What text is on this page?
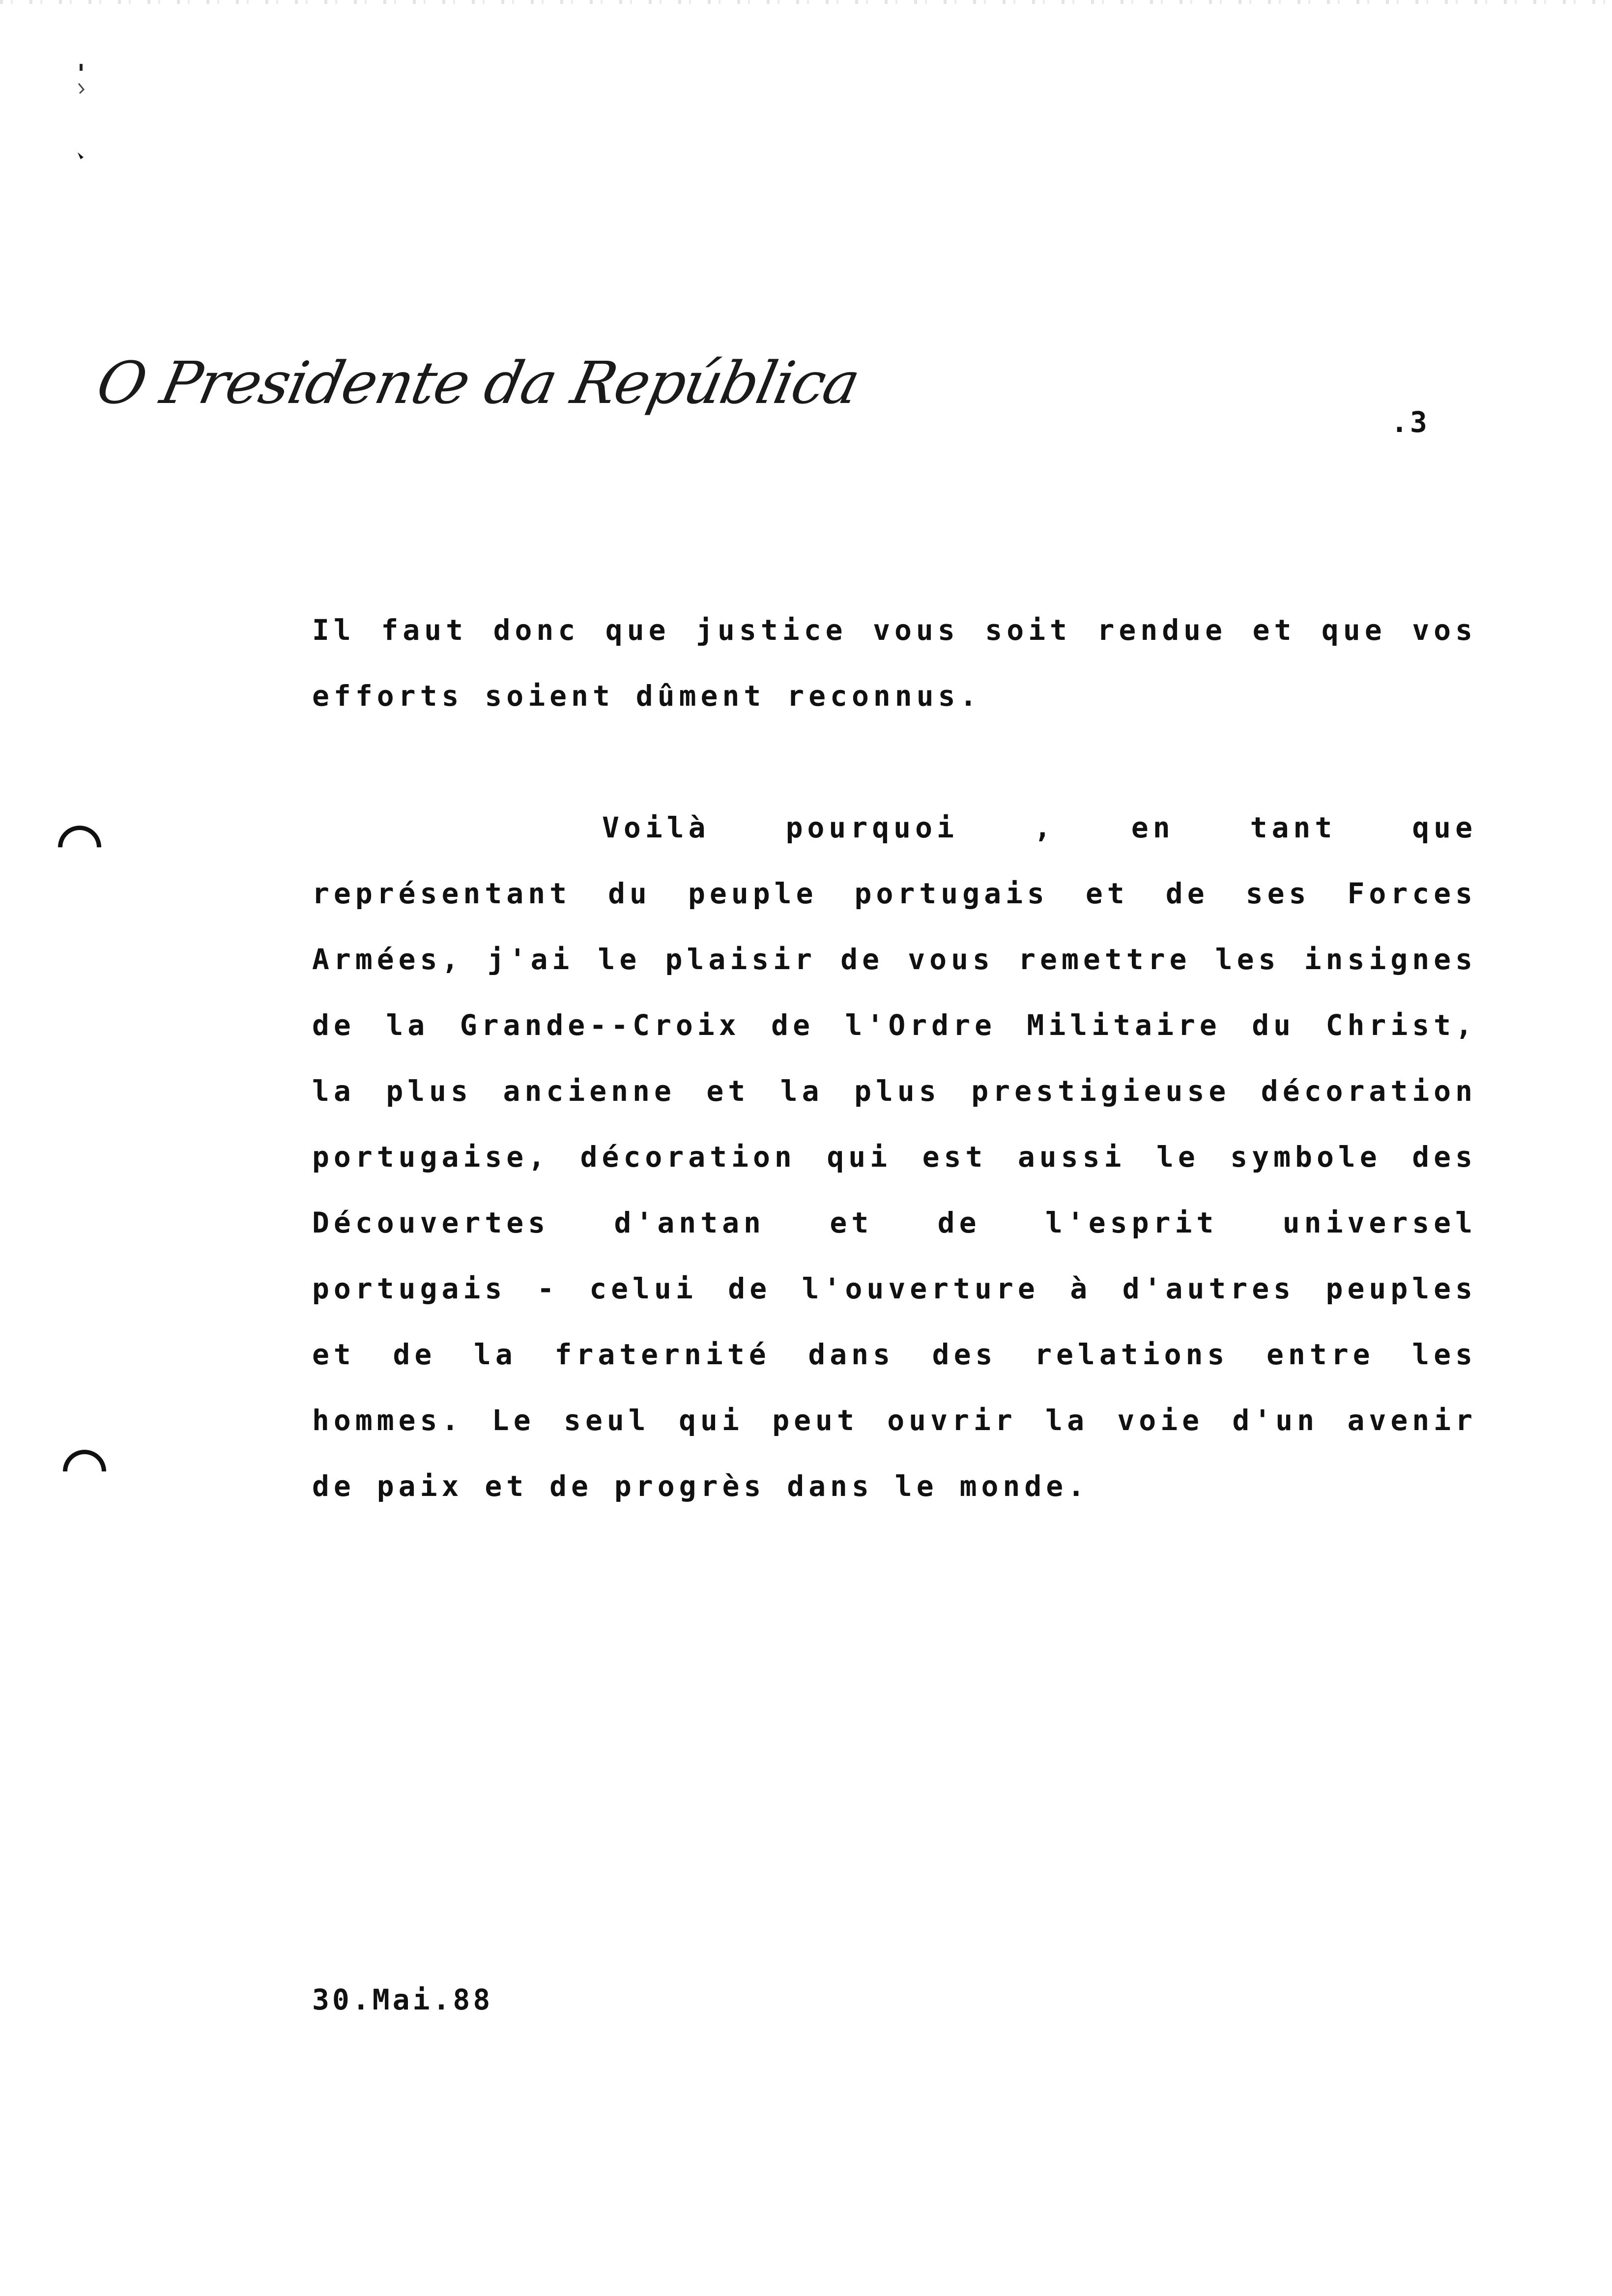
O Presidente da República
.3

Il faut donc que justice vous soit rendue et que vos efforts soient dûment reconnus.

Voilà pourquoi , en tant que représentant du peuple portugais et de ses Forces Armées, j'ai le plaisir de vous remettre les insignes de la Grande--Croix de l'Ordre Militaire du Christ, la plus ancienne et la plus prestigieuse décoration portugaise, décoration qui est aussi le symbole des Découvertes d'antan et de l'esprit universel portugais - celui de l'ouverture à d'autres peuples et de la fraternité dans des relations entre les hommes. Le seul qui peut ouvrir la voie d'un avenir de paix et de progrès dans le monde.

30.Mai.88
